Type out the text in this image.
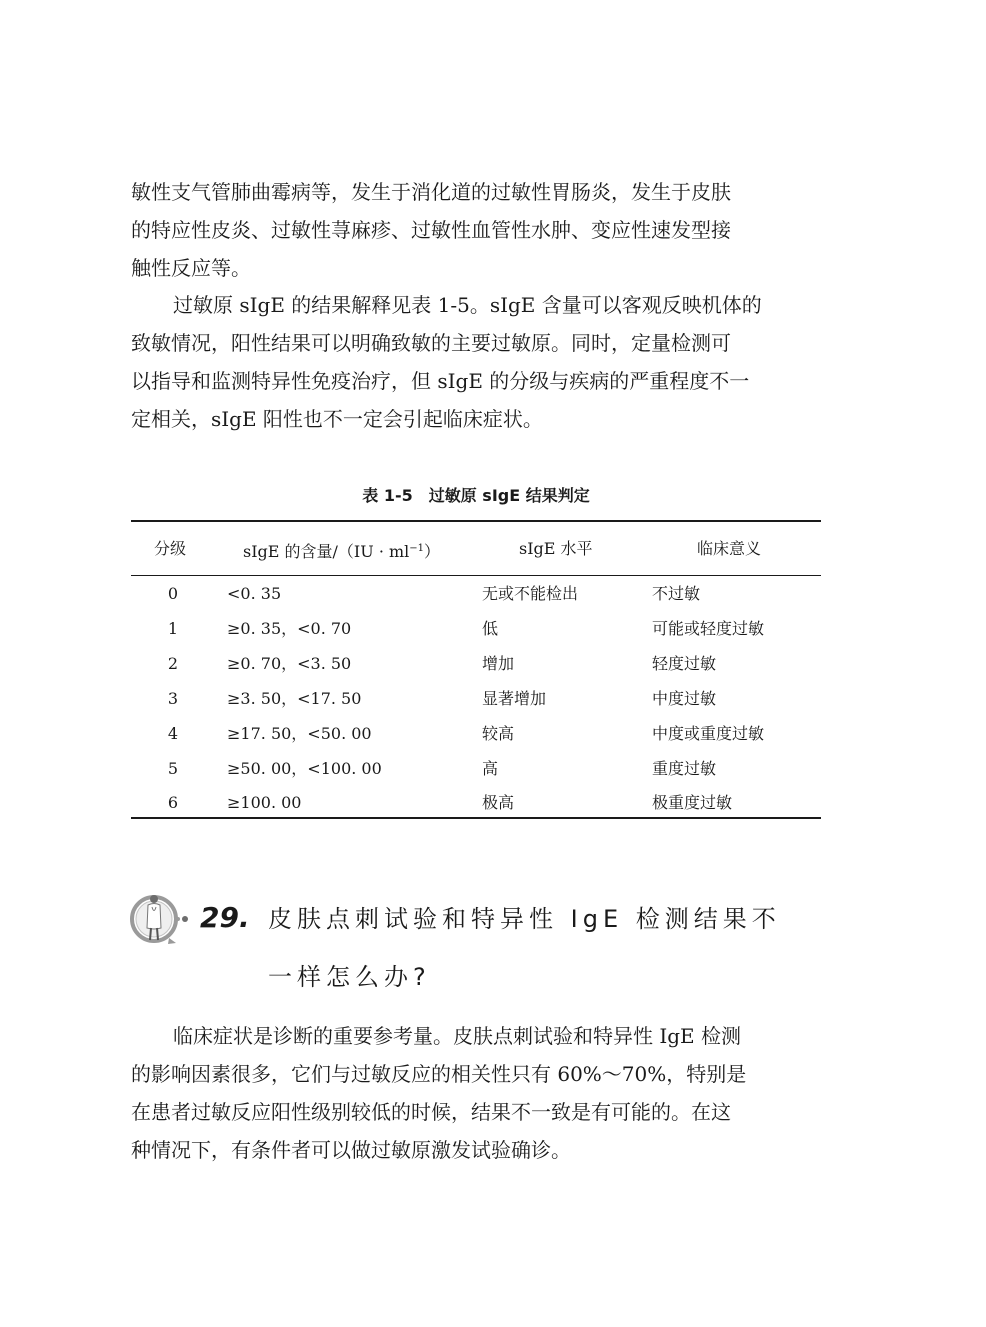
敏性支气管肺曲霉病等，发生于消化道的过敏性胃肠炎，发生于皮肤
的特应性皮炎、过敏性荨麻疹、过敏性血管性水肿、变应性速发型接
触性反应等。

过敏原 sIgE 的结果解释见表 1-5。sIgE 含量可以客观反映机体的
致敏情况，阳性结果可以明确致敏的主要过敏原。同时，定量检测可
以指导和监测特异性免疫治疗，但 sIgE 的分级与疾病的严重程度不一
定相关，sIgE 阳性也不一定会引起临床症状。

表 1-5　过敏原 sIgE 结果判定
分级	sIgE 的含量$/(IU \cdot ml^{-1})$	sIgE 水平	临床意义
0	<0. 35	无或不能检出	不过敏
1	≥0. 35，<0. 70	低	可能或轻度过敏
2	≥0. 70，<3. 50	增加	轻度过敏
3	≥3. 50，<17. 50	显著增加	中度过敏
4	≥17. 50，<50. 00	较高	中度或重度过敏
5	≥50. 00，<100. 00	高	重度过敏
6	≥100. 00	极高	极重度过敏
29. 皮肤点刺试验和特异性 IgE 检测结果不
一样怎么办?

临床症状是诊断的重要参考量。皮肤点刺试验和特异性 IgE 检测
的影响因素很多，它们与过敏反应的相关性只有 60%～70%，特别是
在患者过敏反应阳性级别较低的时候，结果不一致是有可能的。在这
种情况下，有条件者可以做过敏原激发试验确诊。
